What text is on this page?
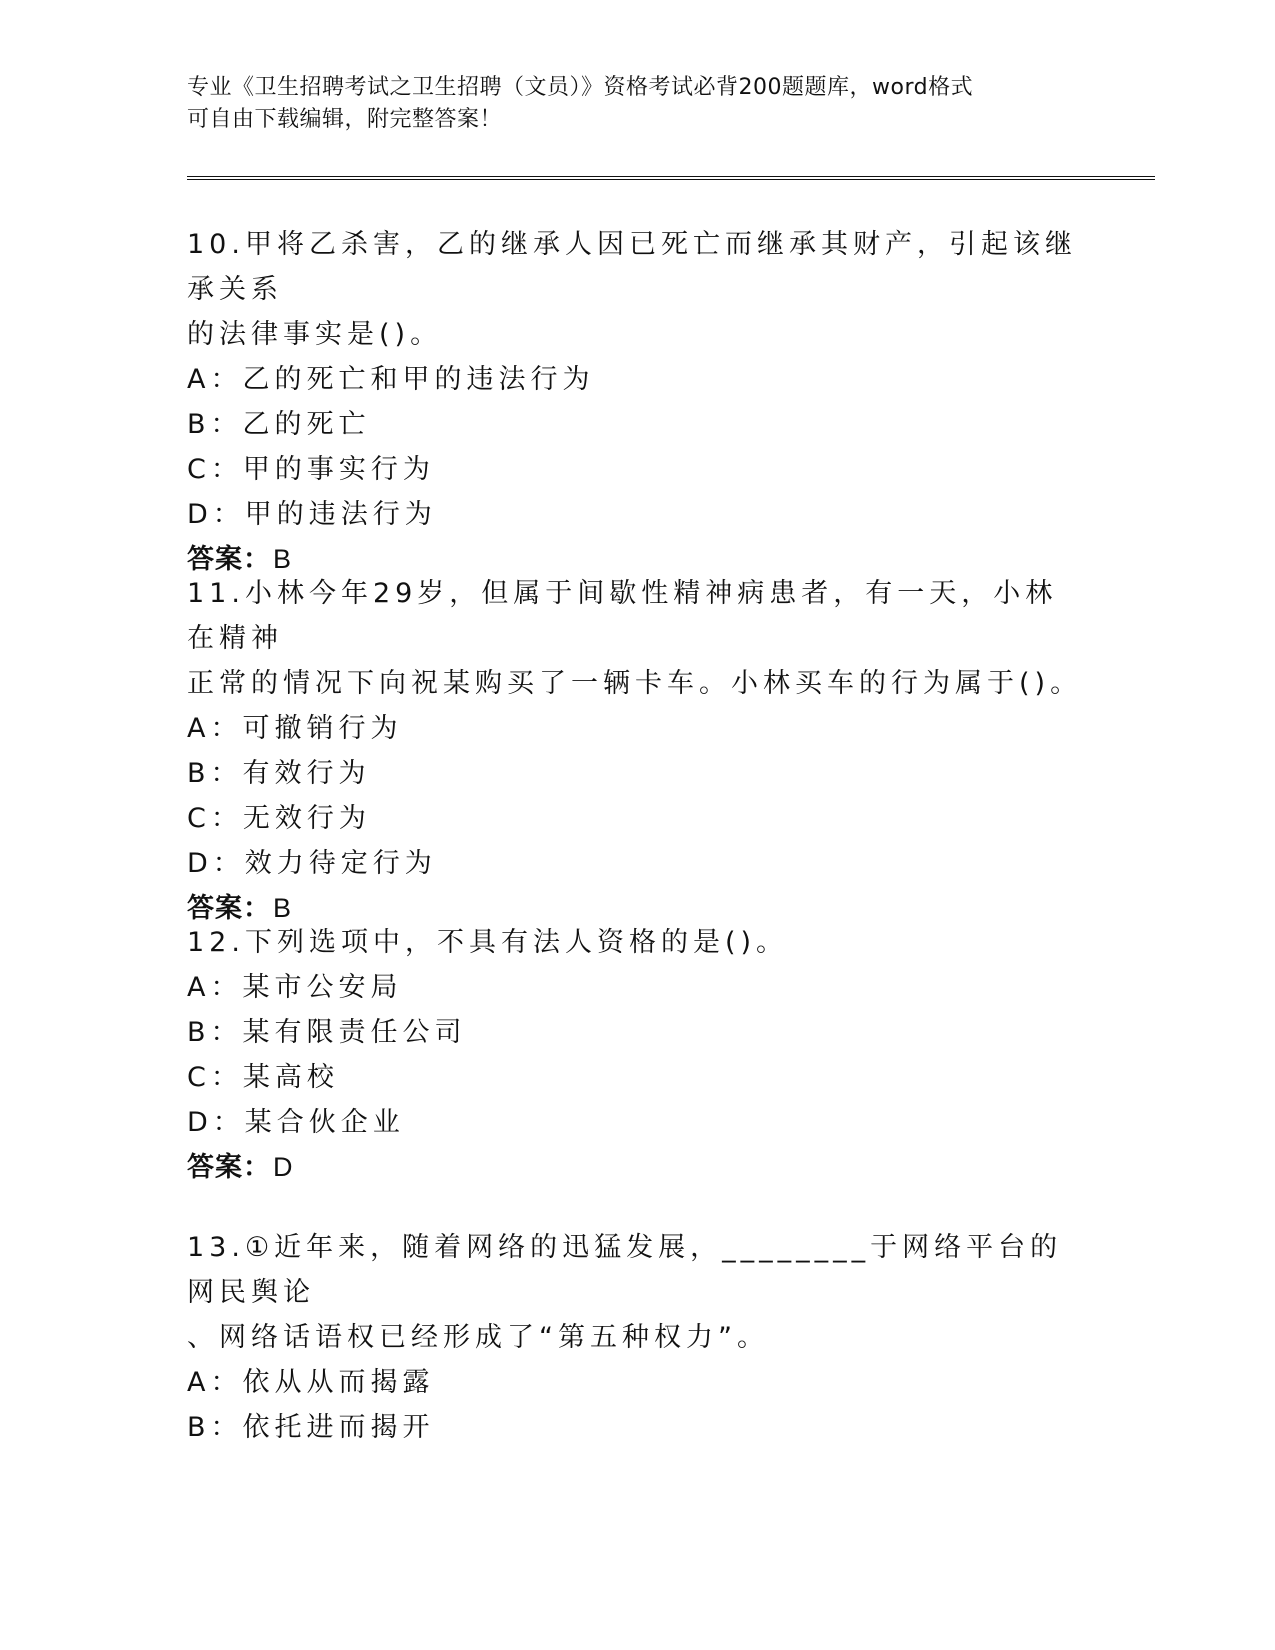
专业《卫生招聘考试之卫生招聘（文员）》资格考试必背200题题库，word格式
可自由下载编辑，附完整答案！

10.甲将乙杀害，乙的继承人因已死亡而继承其财产，引起该继承关系

的法律事实是()。

A：乙的死亡和甲的违法行为

B：乙的死亡

C：甲的事实行为

D：甲的违法行为

答案：B

11.小林今年29岁，但属于间歇性精神病患者，有一天，小林在精神

正常的情况下向祝某购买了一辆卡车。小林买车的行为属于()。

A：可撤销行为

B：有效行为

C：无效行为

D：效力待定行为

答案：B

12.下列选项中，不具有法人资格的是()。

A：某市公安局

B：某有限责任公司

C：某高校

D：某合伙企业

答案：D

13.①近年来，随着网络的迅猛发展，________于网络平台的网民舆论

、网络话语权已经形成了“第五种权力”。

A：依从从而揭露

B：依托进而揭开
